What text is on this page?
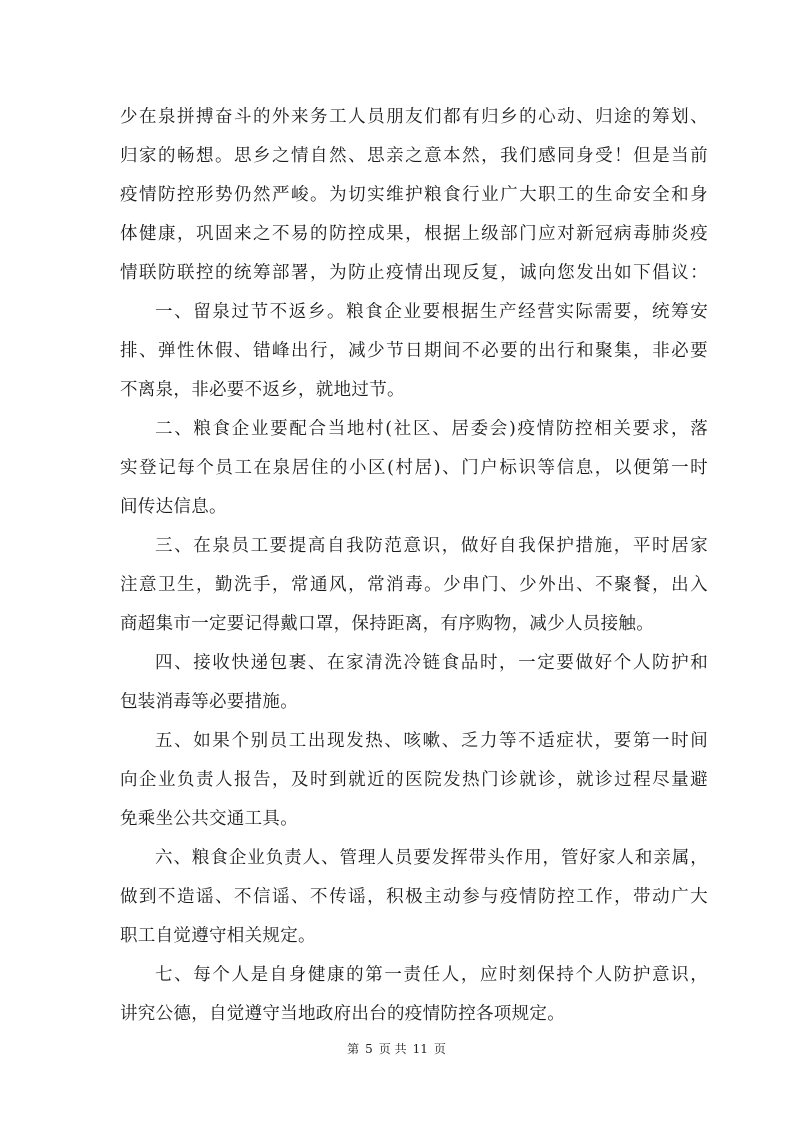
少在泉拼搏奋斗的外来务工人员朋友们都有归乡的心动、归途的筹划、
归家的畅想。思乡之情自然、思亲之意本然，我们感同身受！但是当前
疫情防控形势仍然严峻。为切实维护粮食行业广大职工的生命安全和身
体健康，巩固来之不易的防控成果，根据上级部门应对新冠病毒肺炎疫
情联防联控的统筹部署，为防止疫情出现反复，诚向您发出如下倡议：
一、留泉过节不返乡。粮食企业要根据生产经营实际需要，统筹安
排、弹性休假、错峰出行，减少节日期间不必要的出行和聚集，非必要
不离泉，非必要不返乡，就地过节。
二、粮食企业要配合当地村(社区、居委会)疫情防控相关要求，落
实登记每个员工在泉居住的小区(村居)、门户标识等信息，以便第一时
间传达信息。
三、在泉员工要提高自我防范意识，做好自我保护措施，平时居家
注意卫生，勤洗手，常通风，常消毒。少串门、少外出、不聚餐，出入
商超集市一定要记得戴口罩，保持距离，有序购物，减少人员接触。
四、接收快递包裹、在家清洗冷链食品时，一定要做好个人防护和
包装消毒等必要措施。
五、如果个别员工出现发热、咳嗽、乏力等不适症状，要第一时间
向企业负责人报告，及时到就近的医院发热门诊就诊，就诊过程尽量避
免乘坐公共交通工具。
六、粮食企业负责人、管理人员要发挥带头作用，管好家人和亲属，
做到不造谣、不信谣、不传谣，积极主动参与疫情防控工作，带动广大
职工自觉遵守相关规定。
七、每个人是自身健康的第一责任人，应时刻保持个人防护意识，
讲究公德，自觉遵守当地政府出台的疫情防控各项规定。
第 5 页 共 11 页
